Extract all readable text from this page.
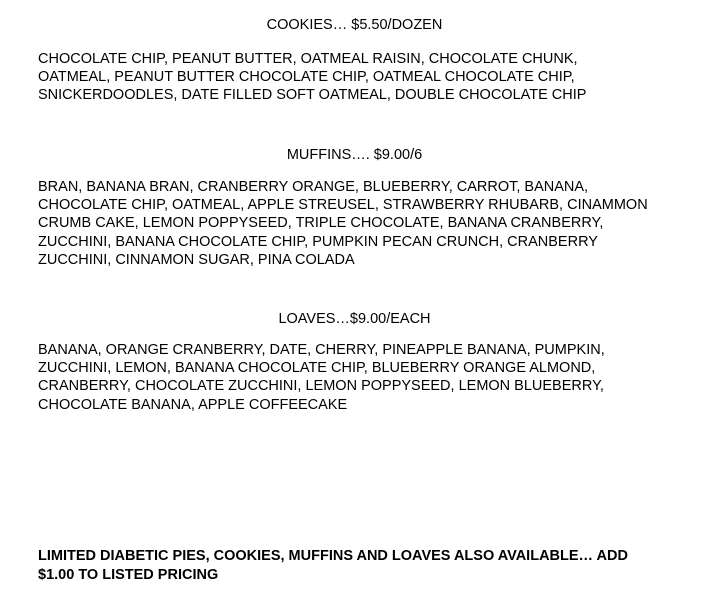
COOKIES… $5.50/DOZEN

CHOCOLATE CHIP, PEANUT BUTTER, OATMEAL RAISIN, CHOCOLATE CHUNK,
OATMEAL, PEANUT BUTTER CHOCOLATE CHIP, OATMEAL CHOCOLATE CHIP,
SNICKERDOODLES, DATE FILLED SOFT OATMEAL, DOUBLE CHOCOLATE CHIP

MUFFINS…. $9.00/6

BRAN, BANANA BRAN, CRANBERRY ORANGE, BLUEBERRY, CARROT, BANANA,
CHOCOLATE CHIP, OATMEAL, APPLE STREUSEL, STRAWBERRY RHUBARB, CINAMMON
CRUMB CAKE, LEMON POPPYSEED, TRIPLE CHOCOLATE, BANANA CRANBERRY,
ZUCCHINI, BANANA CHOCOLATE CHIP, PUMPKIN PECAN CRUNCH, CRANBERRY
ZUCCHINI, CINNAMON SUGAR, PINA COLADA

LOAVES…$9.00/EACH

BANANA, ORANGE CRANBERRY, DATE, CHERRY, PINEAPPLE BANANA, PUMPKIN,
ZUCCHINI, LEMON, BANANA CHOCOLATE CHIP, BLUEBERRY ORANGE ALMOND,
CRANBERRY, CHOCOLATE ZUCCHINI, LEMON POPPYSEED, LEMON BLUEBERRY,
CHOCOLATE BANANA, APPLE COFFEECAKE

LIMITED DIABETIC PIES, COOKIES, MUFFINS AND LOAVES ALSO AVAILABLE… ADD
$1.00 TO LISTED PRICING
